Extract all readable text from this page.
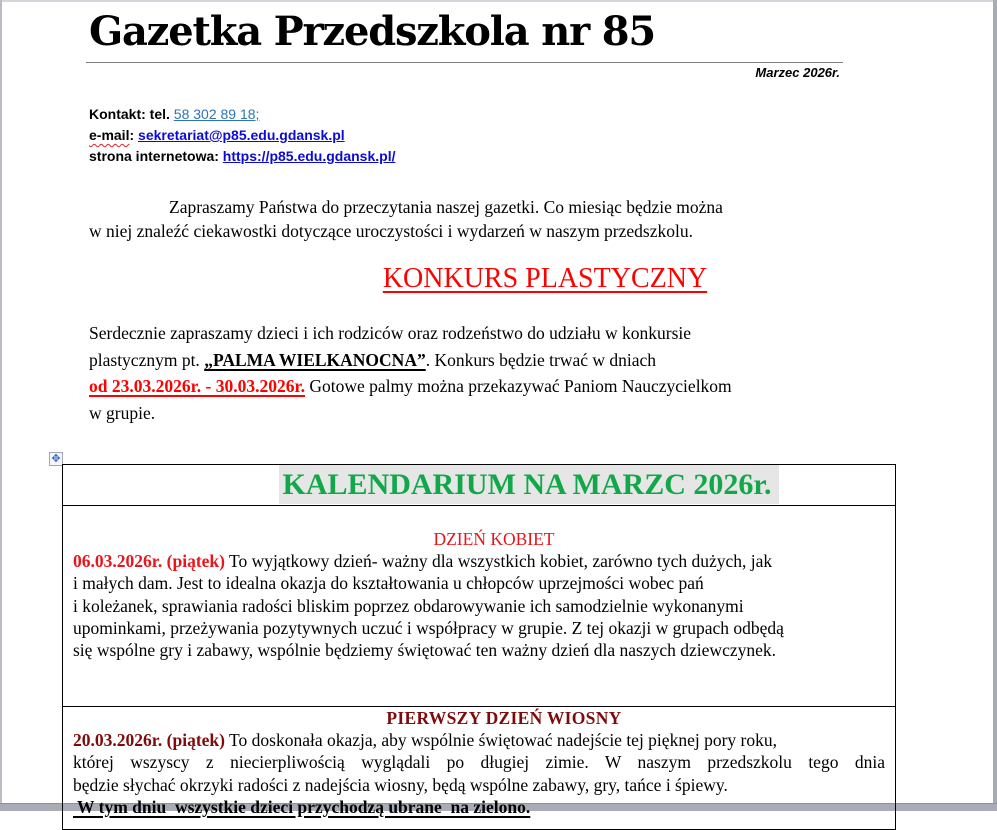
Gazetka Przedszkola nr 85
Marzec 2026r.
Kontakt: tel. 58 302 89 18;
e-mail: sekretariat@p85.edu.gdansk.pl
strona internetowa: https://p85.edu.gdansk.pl/
Zapraszamy Państwa do przeczytania naszej gazetki. Co miesiąc będzie można
w niej znaleźć ciekawostki dotyczące uroczystości i wydarzeń w naszym przedszkolu.
KONKURS PLASTYCZNY
Serdecznie zapraszamy dzieci i ich rodziców oraz rodzeństwo do udziału w konkursie
plastycznym pt. „PALMA WIELKANOCNA”. Konkurs będzie trwać w dniach
od 23.03.2026r. - 30.03.2026r. Gotowe palmy można przekazywać Paniom Nauczycielkom
w grupie.
✥
KALENDARIUM NA MARZC 2026r.

DZIEŃ KOBIET
06.03.2026r. (piątek) To wyjątkowy dzień- ważny dla wszystkich kobiet, zarówno tych dużych, jak
i małych dam. Jest to idealna okazja do kształtowania u chłopców uprzejmości wobec pań
i koleżanek, sprawiania radości bliskim poprzez obdarowywanie ich samodzielnie wykonanymi
upominkami, przeżywania pozytywnych uczuć i współpracy w grupie. Z tej okazji w grupach odbędą
się wspólne gry i zabawy, wspólnie będziemy świętować ten ważny dzień dla naszych dziewczynek.

PIERWSZY DZIEŃ WIOSNY
20.03.2026r. (piątek) To doskonała okazja, aby wspólnie świętować nadejście tej pięknej pory roku,
której wszyscy z niecierpliwością wyglądali po długiej zimie. W naszym przedszkolu tego dnia
będzie słychać okrzyki radości z nadejścia wiosny, będą wspólne zabawy, gry, tańce i śpiewy.
W tym dniu  wszystkie dzieci przychodzą ubrane  na zielono.
